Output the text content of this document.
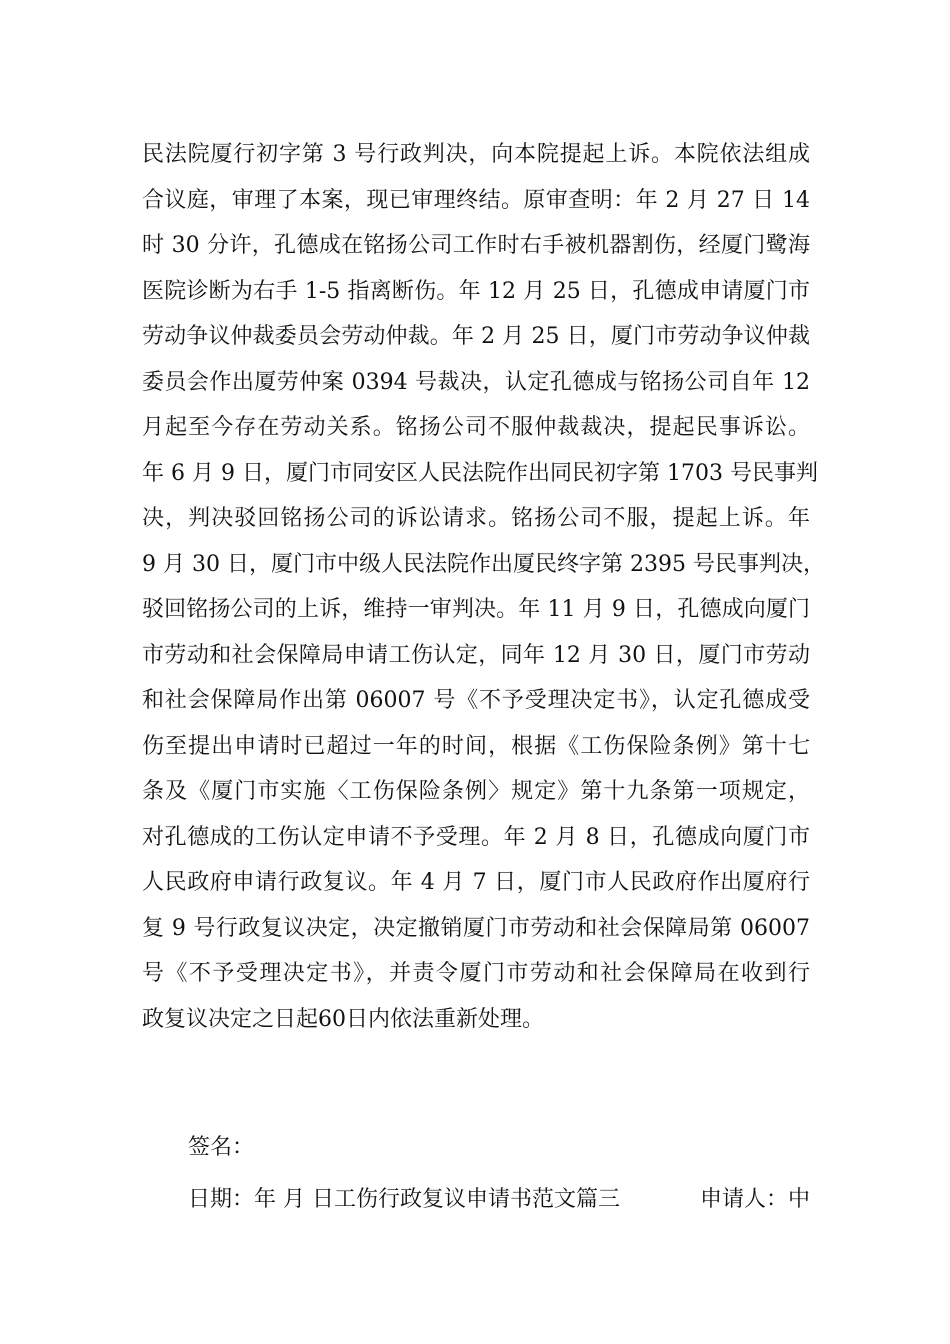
民法院厦行初字第 3 号行政判决，向本院提起上诉。本院依法组成
合议庭，审理了本案，现已审理终结。原审查明：年 2 月 27 日 14
时 30 分许，孔德成在铭扬公司工作时右手被机器割伤，经厦门鹭海
医院诊断为右手 1-5 指离断伤。年 12 月 25 日，孔德成申请厦门市
劳动争议仲裁委员会劳动仲裁。年 2 月 25 日，厦门市劳动争议仲裁
委员会作出厦劳仲案 0394 号裁决，认定孔德成与铭扬公司自年 12
月起至今存在劳动关系。铭扬公司不服仲裁裁决，提起民事诉讼。
年 6 月 9 日，厦门市同安区人民法院作出同民初字第 1703 号民事判
决，判决驳回铭扬公司的诉讼请求。铭扬公司不服，提起上诉。年
9 月 30 日，厦门市中级人民法院作出厦民终字第 2395 号民事判决，
驳回铭扬公司的上诉，维持一审判决。年 11 月 9 日，孔德成向厦门
市劳动和社会保障局申请工伤认定，同年 12 月 30 日，厦门市劳动
和社会保障局作出第 06007 号《不予受理决定书》，认定孔德成受
伤至提出申请时已超过一年的时间，根据《工伤保险条例》第十七
条及《厦门市实施〈工伤保险条例〉规定》第十九条第一项规定，
对孔德成的工伤认定申请不予受理。年 2 月 8 日，孔德成向厦门市
人民政府申请行政复议。年 4 月 7 日，厦门市人民政府作出厦府行
复 9 号行政复议决定，决定撤销厦门市劳动和社会保障局第 06007
号《不予受理决定书》，并责令厦门市劳动和社会保障局在收到行
政复议决定之日起60日内依法重新处理。
签名：
日期：年 月 日工伤行政复议申请书范文篇三	申请人：中
